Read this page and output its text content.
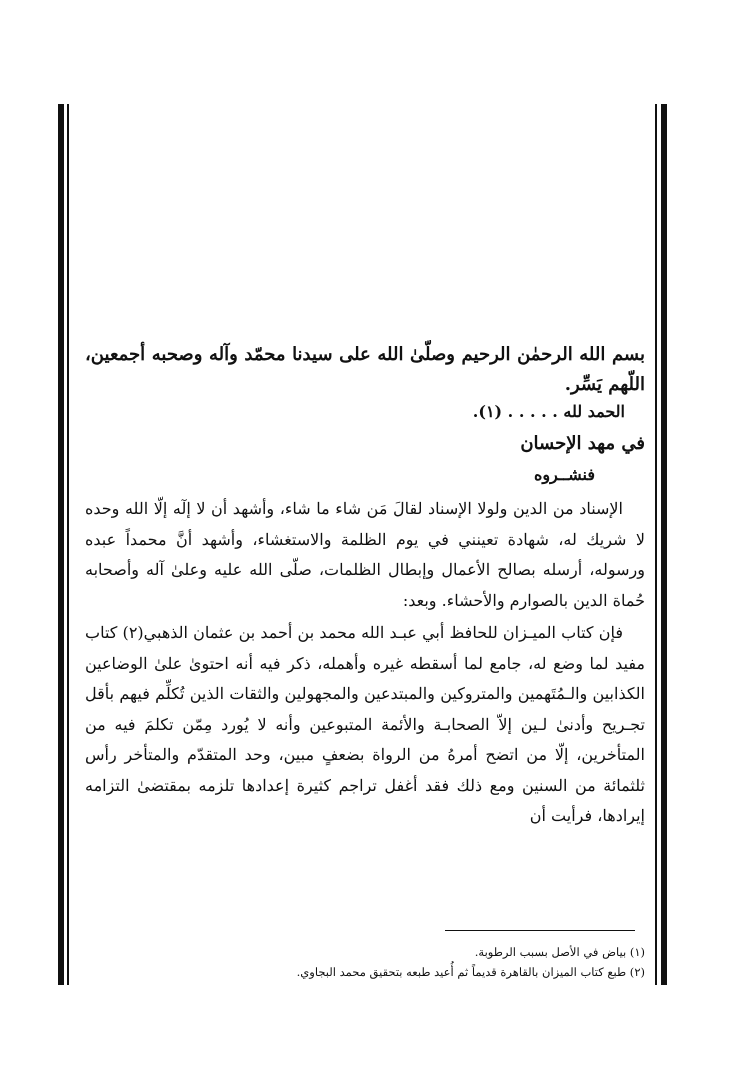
بسم الله الرحمٰن الرحيم وصلّىٰ الله على سيدنا محمّد وآله وصحبه أجمعين، اللّهم يَسِّر.

الحمد لله . . . . . (١).

في مهد الإحسان

فنشــروه

الإسناد من الدين ولولا الإسناد لقالَ مَن شاء ما شاء، وأشهد أن لا إلٓه إلّا الله وحده لا شريك له، شهادة تعينني في يوم الظلمة والاستغشاء، وأشهد أنَّ محمداً عبده ورسوله، أرسله بصالح الأعمال وإبطال الظلمات، صلّى الله عليه وعلىٰ آله وأصحابه حُماة الدين بالصوارم والأحشاء. وبعد:

فإن كتاب الميـزان للحافظ أبي عبـد الله محمد بن أحمد بن عثمان الذهبي(٢) كتاب مفيد لما وضع له، جامع لما أسقطه غيره وأهمله، ذكر فيه أنه احتوىٰ علىٰ الوضاعين الكذابين والـمُتَهمين والمتروكين والمبتدعين والمجهولين والثقات الذين تُكلِّم فيهم بأقل تجـريح وأدنىٰ لـين إلاّ الصحابـة والأئمة المتبوعين وأنه لا يُورد مِمّن تكلمَ فيه من المتأخرين، إلّا من اتضح أمرهُ من الرواة بضعفٍ مبين، وحد المتقدّم والمتأخر رأس ثلثمائة من السنين ومع ذلك فقد أغفل تراجم كثيرة إعدادها تلزمه بمقتضىٰ التزامه إيرادها، فرأيت أن

(١) بياض في الأصل بسبب الرطوبة.

(٢) طبع كتاب الميزان بالقاهرة قديماً ثم أُعيد طبعه بتحقيق محمد البجاوي.
